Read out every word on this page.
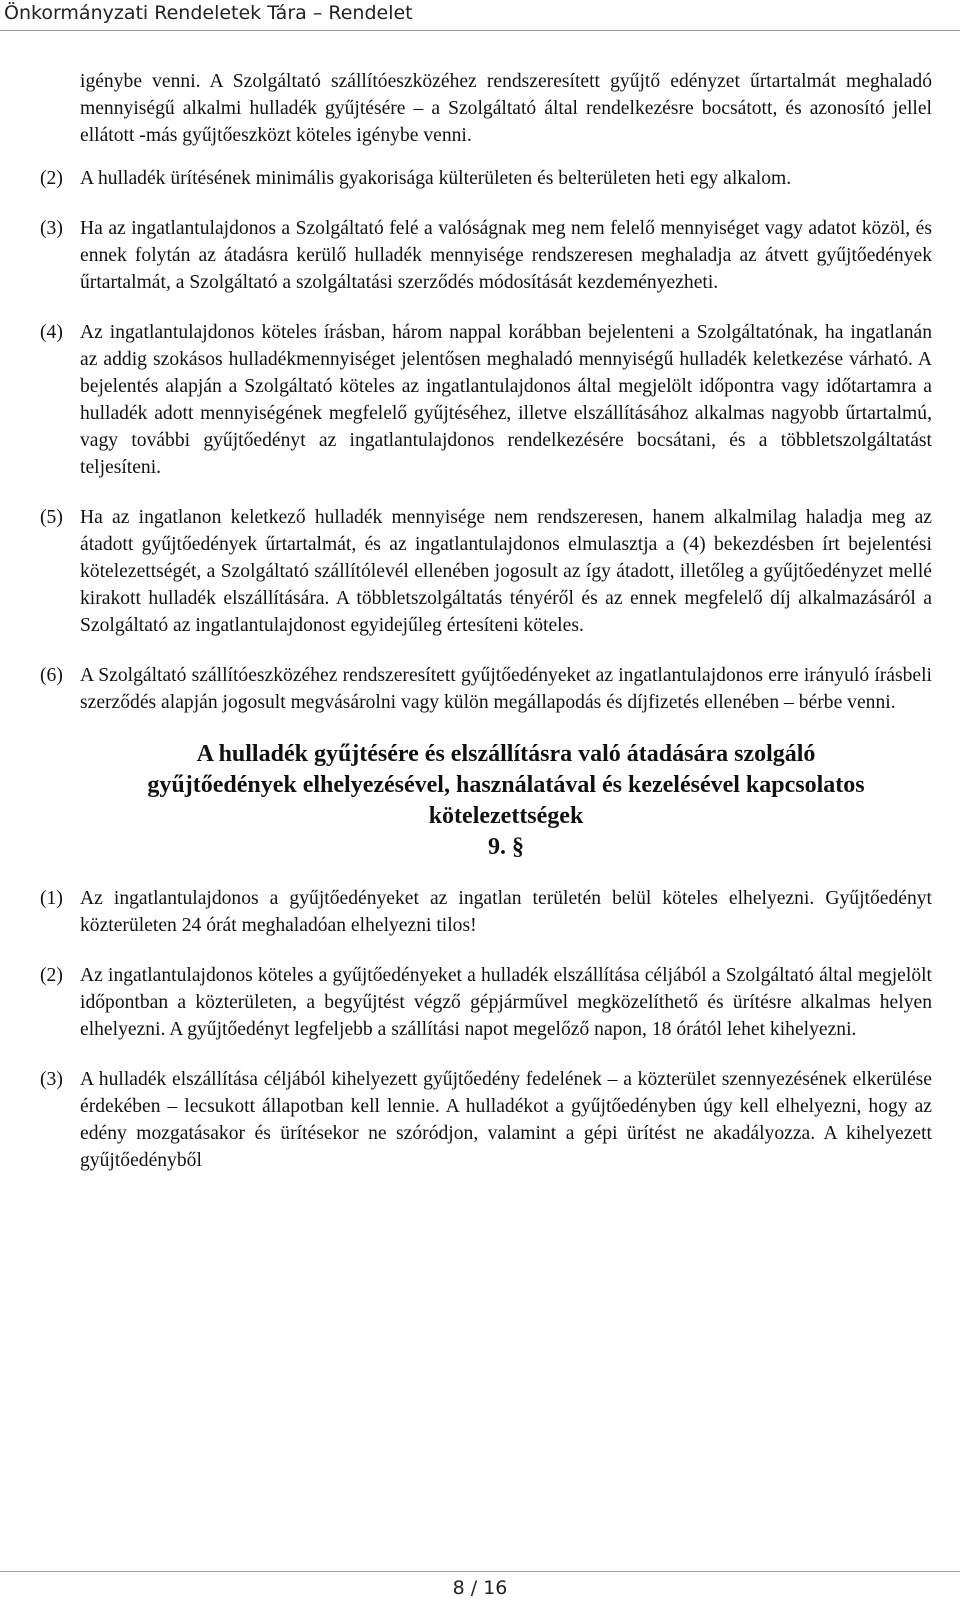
Önkormányzati Rendeletek Tára – Rendelet

igénybe venni. A Szolgáltató szállítóeszközéhez rendszeresített gyűjtő edényzet űrtartalmát meghaladó mennyiségű alkalmi hulladék gyűjtésére – a Szolgáltató által rendelkezésre bocsátott, és azonosító jellel ellátott -más gyűjtőeszközt köteles igénybe venni.

(2) A hulladék ürítésének minimális gyakorisága külterületen és belterületen heti egy alkalom.

(3) Ha az ingatlantulajdonos a Szolgáltató felé a valóságnak meg nem felelő mennyiséget vagy adatot közöl, és ennek folytán az átadásra kerülő hulladék mennyisége rendszeresen meghaladja az átvett gyűjtőedények űrtartalmát, a Szolgáltató a szolgáltatási szerződés módosítását kezdeményezheti.

(4) Az ingatlantulajdonos köteles írásban, három nappal korábban bejelenteni a Szolgáltatónak, ha ingatlanán az addig szokásos hulladékmennyiséget jelentősen meghaladó mennyiségű hulladék keletkezése várható. A bejelentés alapján a Szolgáltató köteles az ingatlantulajdonos által megjelölt időpontra vagy időtartamra a hulladék adott mennyiségének megfelelő gyűjtéséhez, illetve elszállításához alkalmas nagyobb űrtartalmú, vagy további gyűjtőedényt az ingatlantulajdonos rendelkezésére bocsátani, és a többletszolgáltatást teljesíteni.

(5) Ha az ingatlanon keletkező hulladék mennyisége nem rendszeresen, hanem alkalmilag haladja meg az átadott gyűjtőedények űrtartalmát, és az ingatlantulajdonos elmulasztja a (4) bekezdésben írt bejelentési kötelezettségét, a Szolgáltató szállítólevél ellenében jogosult az így átadott, illetőleg a gyűjtőedényzet mellé kirakott hulladék elszállítására. A többletszolgáltatás tényéről és az ennek megfelelő díj alkalmazásáról a Szolgáltató az ingatlantulajdonost egyidejűleg értesíteni köteles.

(6) A Szolgáltató szállítóeszközéhez rendszeresített gyűjtőedényeket az ingatlantulajdonos erre irányuló írásbeli szerződés alapján jogosult megvásárolni vagy külön megállapodás és díjfizetés ellenében – bérbe venni.

A hulladék gyűjtésére és elszállításra való átadására szolgáló
gyűjtőedények elhelyezésével, használatával és kezelésével kapcsolatos
kötelezettségek
9. §
(1) Az ingatlantulajdonos a gyűjtőedényeket az ingatlan területén belül köteles elhelyezni. Gyűjtőedényt közterületen 24 órát meghaladóan elhelyezni tilos!

(2) Az ingatlantulajdonos köteles a gyűjtőedényeket a hulladék elszállítása céljából a Szolgáltató által megjelölt időpontban a közterületen, a begyűjtést végző gépjárművel megközelíthető és ürítésre alkalmas helyen elhelyezni. A gyűjtőedényt legfeljebb a szállítási napot megelőző napon, 18 órától lehet kihelyezni.

(3) A hulladék elszállítása céljából kihelyezett gyűjtőedény fedelének – a közterület szennyezésének elkerülése érdekében – lecsukott állapotban kell lennie. A hulladékot a gyűjtőedényben úgy kell elhelyezni, hogy az edény mozgatásakor és ürítésekor ne szóródjon, valamint a gépi ürítést ne akadályozza. A kihelyezett gyűjtőedényből

8 / 16
